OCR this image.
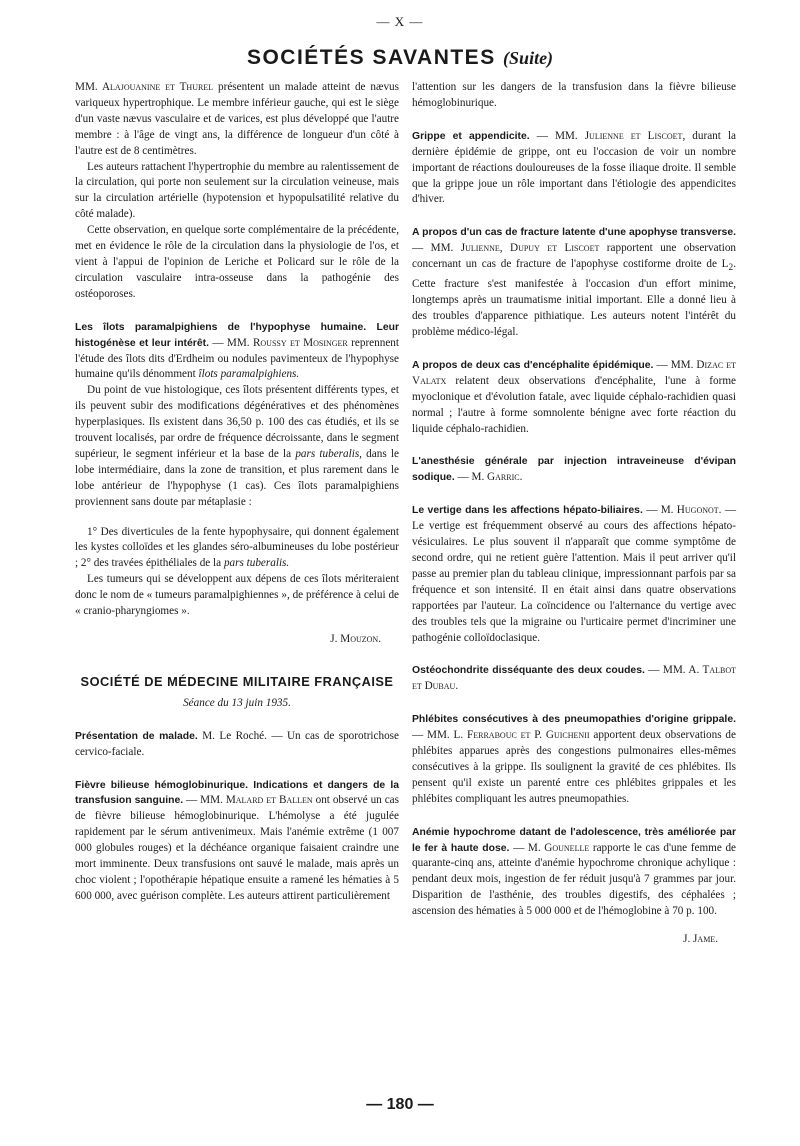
— X —
SOCIÉTÉS SAVANTES (Suite)

MM. Alajouanine et Thurel présentent un malade atteint de nævus variqueux hypertrophique. Le membre inférieur gauche, qui est le siège d'un vaste nævus vasculaire et de varices, est plus développé que l'autre membre : à l'âge de vingt ans, la différence de longueur d'un côté à l'autre est de 8 centimètres.

Les auteurs rattachent l'hypertrophie du membre au ralentissement de la circulation, qui porte non seulement sur la circulation veineuse, mais sur la circulation artérielle (hypotension et hypopulsatilité relative du côté malade).

Cette observation, en quelque sorte complémentaire de la précédente, met en évidence le rôle de la circulation dans la physiologie de l'os, et vient à l'appui de l'opinion de Leriche et Policard sur le rôle de la circulation vasculaire intra-osseuse dans la pathogénie des ostéoporoses.

Les îlots paramalpighiens de l'hypophyse humaine. Leur histogénèse et leur intérêt. — MM. Roussy et Mosinger reprennent l'étude des îlots dits d'Erdheim ou nodules pavimenteux de l'hypophyse humaine qu'ils dénomment îlots paramalpighiens.

Du point de vue histologique, ces îlots présentent différents types, et ils peuvent subir des modifications dégénératives et des phénomènes hyperplasiques. Ils existent dans 36,50 p. 100 des cas étudiés, et ils se trouvent localisés, par ordre de fréquence décroissante, dans le segment supérieur, le segment inférieur et la base de la pars tuberalis, dans le lobe intermédiaire, dans la zone de transition, et plus rarement dans le lobe antérieur de l'hypophyse (1 cas). Ces îlots paramalpighiens proviennent sans doute par métaplasie :

1° Des diverticules de la fente hypophysaire, qui donnent également les kystes colloïdes et les glandes séro-albumineuses du lobe postérieur ; 2° des travées épithéliales de la pars tuberalis.

Les tumeurs qui se développent aux dépens de ces îlots mériteraient donc le nom de « tumeurs paramalpighiennes », de préférence à celui de « cranio-pharyngiomes ».

J. Mouzon.

SOCIÉTÉ DE MÉDECINE MILITAIRE FRANÇAISE
Séance du 13 juin 1935.

Présentation de malade. M. Le Roché. — Un cas de sporotrichose cervico-faciale.

Fièvre bilieuse hémoglobinurique. Indications et dangers de la transfusion sanguine. — MM. Malard et Ballen ont observé un cas de fièvre bilieuse hémoglobinurique. L'hémolyse a été jugulée rapidement par le sérum antivenimeux. Mais l'anémie extrême (1 007 000 globules rouges) et la déchéance organique faisaient craindre une mort imminente. Deux transfusions ont sauvé le malade, mais après un choc violent ; l'opothérapie hépatique ensuite a ramené les hématies à 5 600 000, avec guérison complète. Les auteurs attirent particulièrement

l'attention sur les dangers de la transfusion dans la fièvre bilieuse hémoglobinurique.

Grippe et appendicite. — MM. Julienne et Liscoet, durant la dernière épidémie de grippe, ont eu l'occasion de voir un nombre important de réactions douloureuses de la fosse iliaque droite. Il semble que la grippe joue un rôle important dans l'étiologie des appendicites d'hiver.

A propos d'un cas de fracture latente d'une apophyse transverse. — MM. Julienne, Dupuy et Liscoet rapportent une observation concernant un cas de fracture de l'apophyse costiforme droite de $L_2$. Cette fracture s'est manifestée à l'occasion d'un effort minime, longtemps après un traumatisme initial important. Elle a donné lieu à des troubles d'apparence pithiatique. Les auteurs notent l'intérêt du problème médico-légal.

A propos de deux cas d'encéphalite épidémique. — MM. Dizac et Valatx relatent deux observations d'encéphalite, l'une à forme myoclonique et d'évolution fatale, avec liquide céphalo-rachidien quasi normal ; l'autre à forme somnolente bénigne avec forte réaction du liquide céphalo-rachidien.

L'anesthésie générale par injection intraveineuse d'évipan sodique. — M. Garric.

Le vertige dans les affections hépato-biliaires. — M. Hugonot. — Le vertige est fréquemment observé au cours des affections hépato-vésiculaires. Le plus souvent il n'apparaît que comme symptôme de second ordre, qui ne retient guère l'attention. Mais il peut arriver qu'il passe au premier plan du tableau clinique, impressionnant parfois par sa fréquence et son intensité. Il en était ainsi dans quatre observations rapportées par l'auteur. La coïncidence ou l'alternance du vertige avec des troubles tels que la migraine ou l'urticaire permet d'incriminer une pathogénie colloïdoclasique.

Ostéochondrite disséquante des deux coudes. — MM. A. Talbot et Dubau.

Phlébites consécutives à des pneumopathies d'origine grippale. — MM. L. Ferrabouc et P. Guichenii apportent deux observations de phlébites apparues après des congestions pulmonaires elles-mêmes consécutives à la grippe. Ils soulignent la gravité de ces phlébites. Ils pensent qu'il existe un parenté entre ces phlébites grippales et les phlébites compliquant les autres pneumopathies.

Anémie hypochrome datant de l'adolescence, très améliorée par le fer à haute dose. — M. Gounelle rapporte le cas d'une femme de quarante-cinq ans, atteinte d'anémie hypochrome chronique achylique : pendant deux mois, ingestion de fer réduit jusqu'à 7 grammes par jour. Disparition de l'asthénie, des troubles digestifs, des céphalées ; ascension des hématies à 5 000 000 et de l'hémoglobine à 70 p. 100.

J. Jame.

— 180 —
